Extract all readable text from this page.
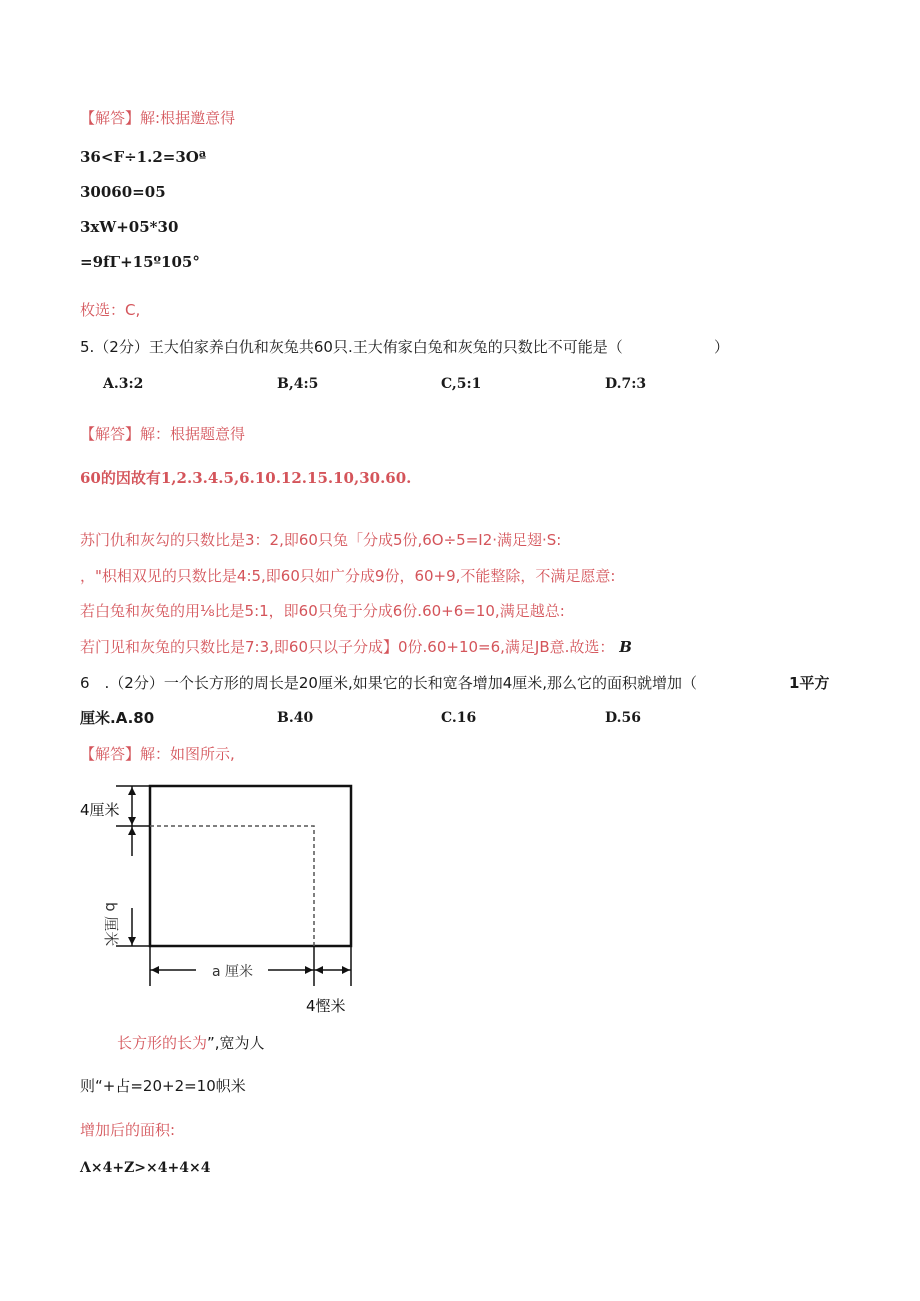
【解答】解:根据邀意得
36<F÷1.2=3Oª
30060=05
3xW+05*30
=9fΓ+15º105°
枚选：C,
5.（2分）王大伯家养白仇和灰兔共60只.王大侑家白兔和灰兔的只数比不可能是（	）
A.3:2	B,4:5	C,5:1	D.7:3
【解答】解：根据题意得
60的因故有1,2.3.4.5,6.10.12.15.10,30.60.
苏门仇和灰勾的只数比是3：2,即60只兔「分成5份,6O÷5=I2·满足翅·S:
，"枳相双见的只数比是4:5,即60只如广分成9份，60+9,不能整除，不满足愿意:
若白兔和灰兔的用⅛比是5:1，即60只兔于分成6份.60+6=10,满足越总:
若门见和灰兔的只数比是7:3,即60只以子分成】0份.60+10=6,满足JB意.故选： B
6　.（2分）一个长方形的周长是20厘米,如果它的长和宽各增加4厘米,那么它的面积就增加（	1平方
厘米.A.80	B.40	C.16	D.56
【解答】解：如图所示,
4厘米
b 厘米
a 厘米
4慳米
长方形的长为”,宽为人
则“+占=20+2=10帜米
增加后的面积:
Λ×4+Z>×4+4×4
